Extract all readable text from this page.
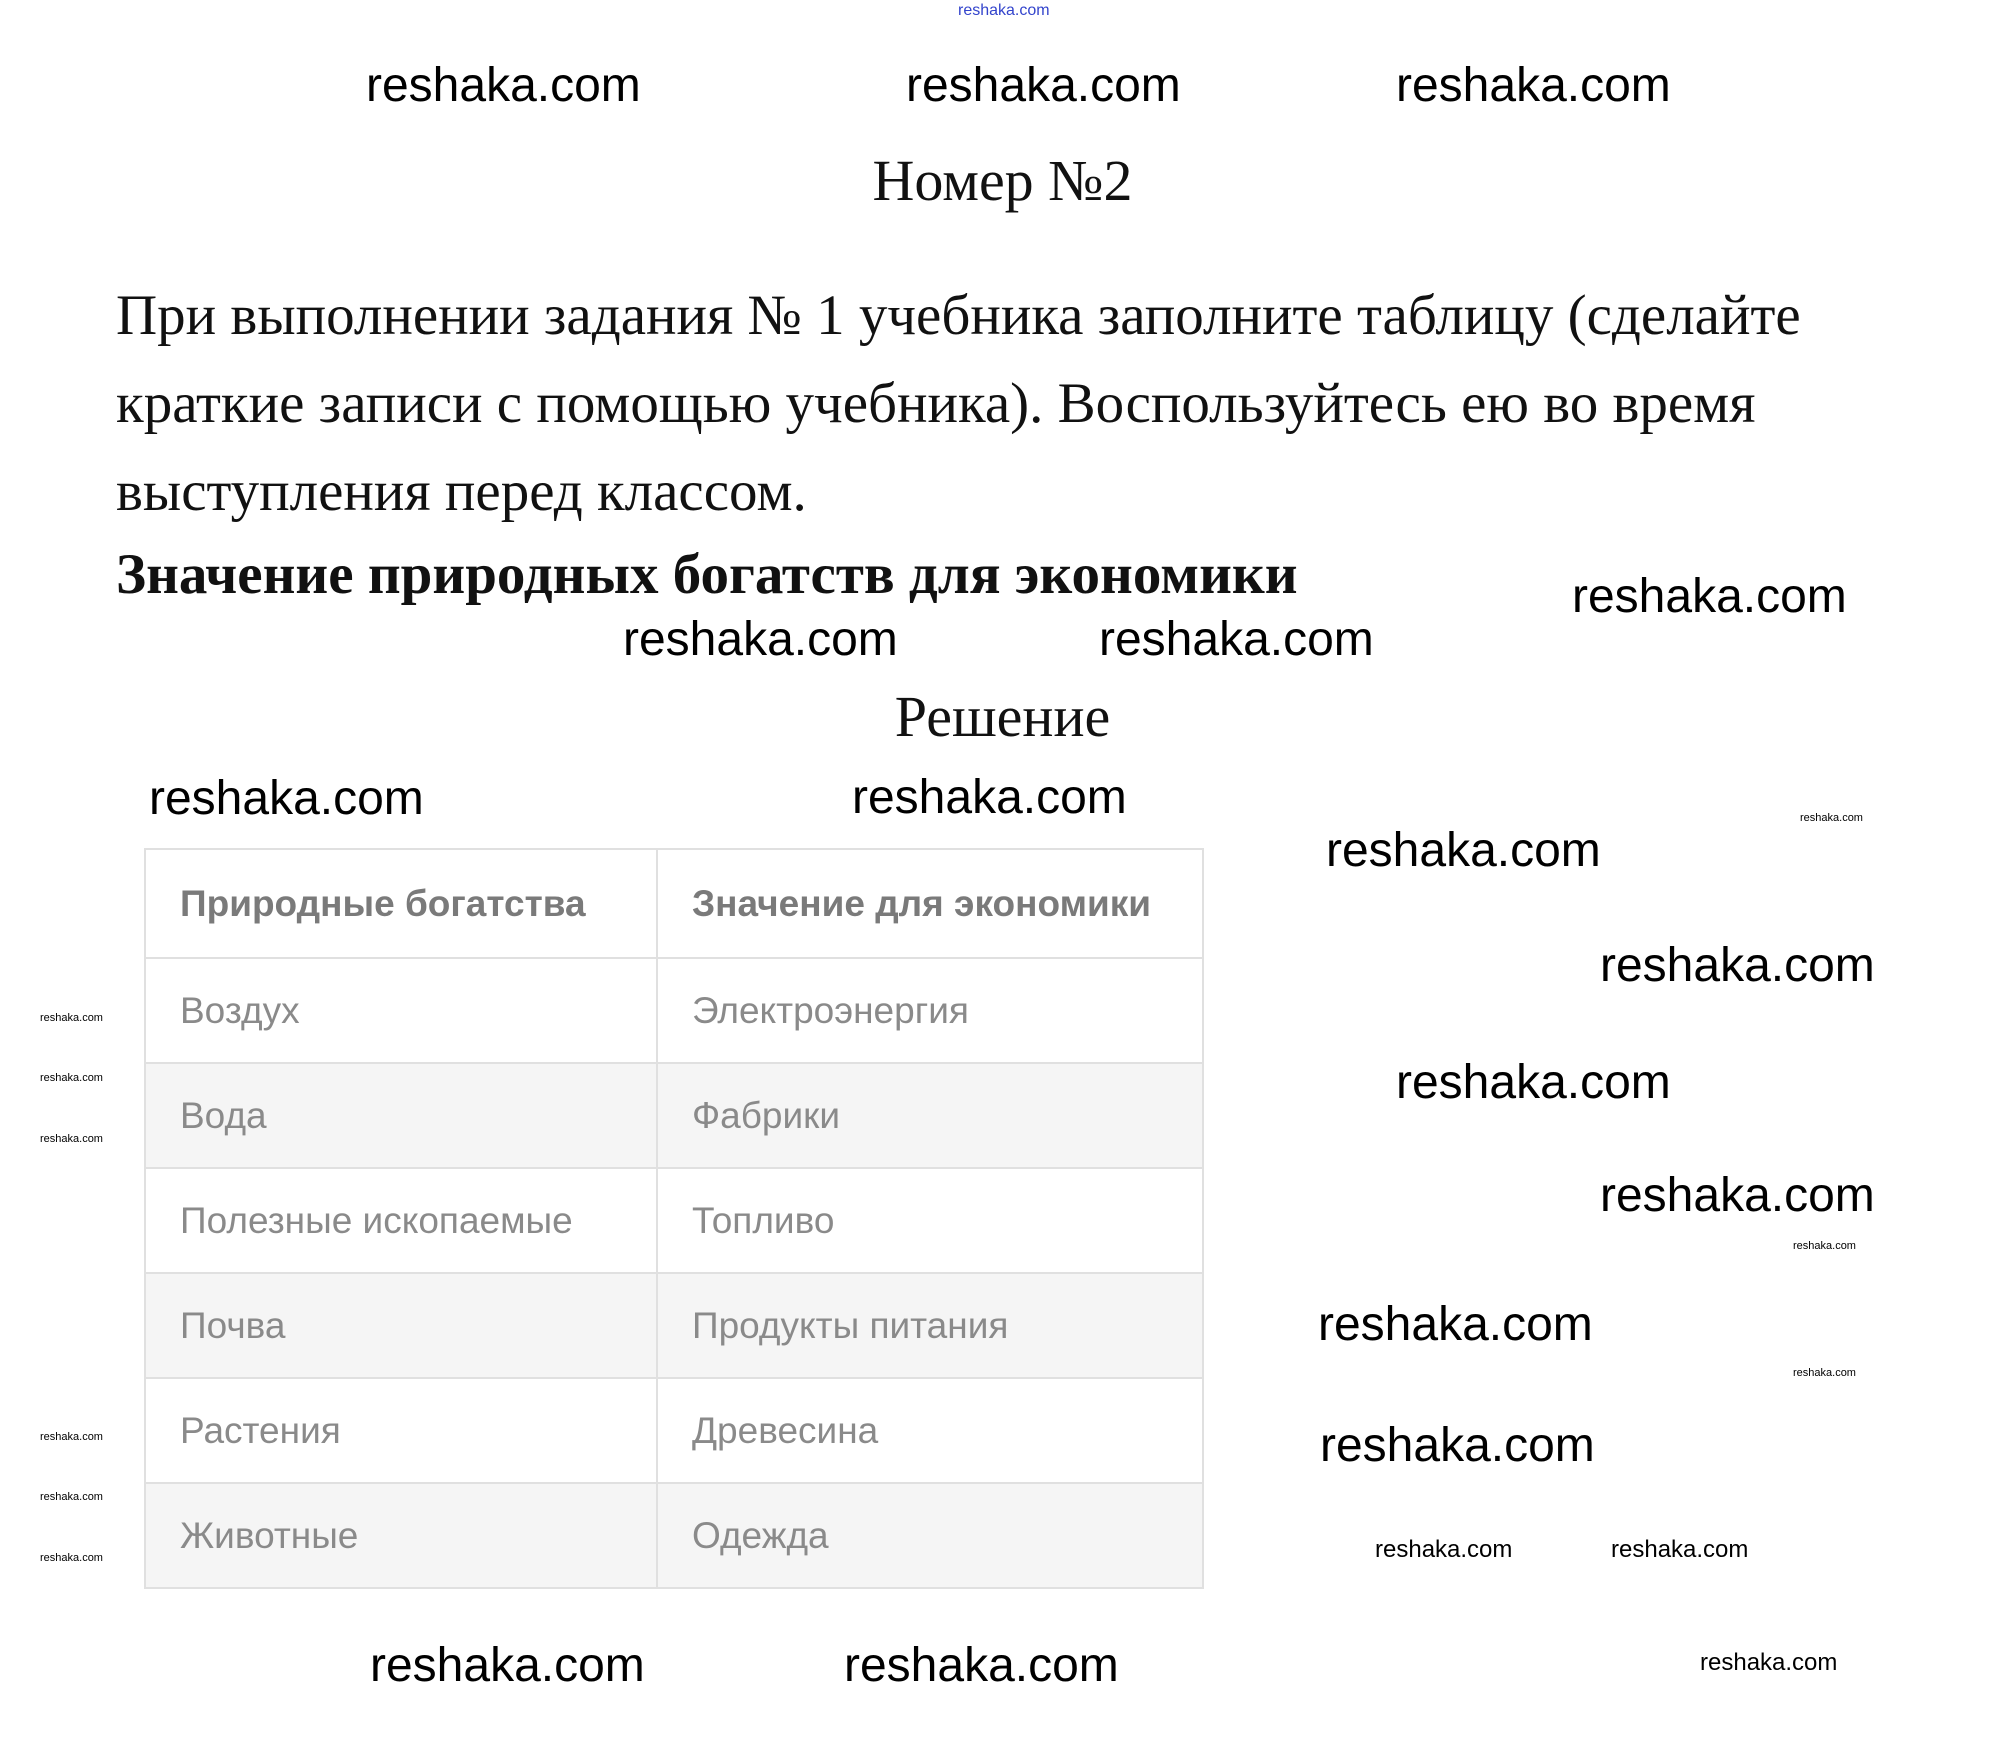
reshaka.com
Номер №2
При выполнении задания № 1 учебника заполните таблицу (сделайте
краткие записи с помощью учебника). Воспользуйтесь ею во время
выступления перед классом.
Значение природных богатств для экономики
Решение
Природные богатства	Значение для экономики
Воздух	Электроэнергия
Вода	Фабрики
Полезные ископаемые	Топливо
Почва	Продукты питания
Растения	Древесина
Животные	Одежда
reshaka.com	reshaka.com	reshaka.com
reshaka.com
reshaka.com	reshaka.com
reshaka.com	reshaka.com
reshaka.com
reshaka.com
reshaka.com
reshaka.com
reshaka.com
reshaka.com
reshaka.com	reshaka.com	reshaka.com
reshaka.com	reshaka.com
reshaka.com
reshaka.com
reshaka.com
reshaka.com
reshaka.com
reshaka.com
reshaka.com
reshaka.com
reshaka.com
